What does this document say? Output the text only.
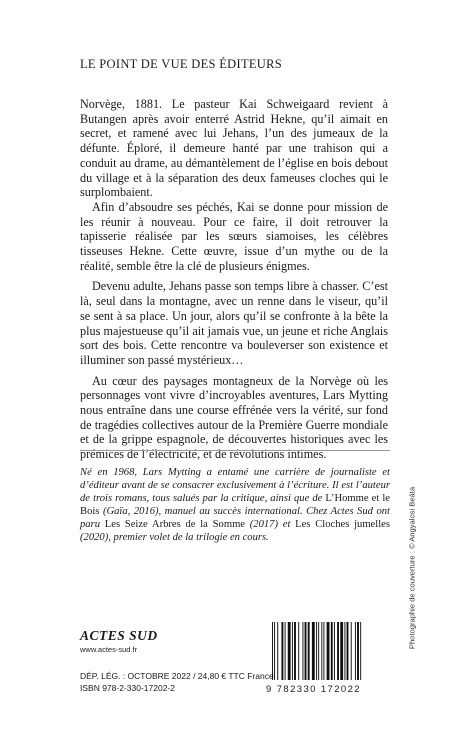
LE POINT DE VUE DES ÉDITEURS

Norvège, 1881. Le pasteur Kai Schweigaard revient à Butangen après avoir enterré Astrid Hekne, qu’il aimait en secret, et ramené avec lui Jehans, l’un des jumeaux de la défunte. Éploré, il demeure hanté par une trahison qui a conduit au drame, au démantèlement de l’église en bois debout du village et à la séparation des deux fameuses cloches qui le surplombaient.

Afin d’absoudre ses péchés, Kai se donne pour mission de les réunir à nouveau. Pour ce faire, il doit retrouver la tapisserie réalisée par les sœurs siamoises, les célèbres tisseuses Hekne. Cette œuvre, issue d’un mythe ou de la réalité, semble être la clé de plusieurs énigmes.

Devenu adulte, Jehans passe son temps libre à chasser. C’est là, seul dans la montagne, avec un renne dans le viseur, qu’il se sent à sa place. Un jour, alors qu’il se confronte à la bête la plus majestueuse qu’il ait jamais vue, un jeune et riche Anglais sort des bois. Cette rencontre va bouleverser son existence et illuminer son passé mystérieux…

Au cœur des paysages montagneux de la Norvège où les personnages vont vivre d’incroyables aventures, Lars Mytting nous entraîne dans une course effrénée vers la vérité, sur fond de tragédies collectives autour de la Première Guerre mondiale et de la grippe espagnole, de découvertes historiques avec les prémices de l’électricité, et de révolutions intimes.

Né en 1968, Lars Mytting a entamé une carrière de journaliste et d’éditeur avant de se consacrer exclusivement à l’écriture. Il est l’auteur de trois romans, tous salués par la critique, ainsi que de L’Homme et le Bois (Gaïa, 2016), manuel au succès international. Chez Actes Sud ont paru Les Seize Arbres de la Somme (2017) et Les Cloches jumelles (2020), premier volet de la trilogie en cours.	Photographie de couverture : © Angyalosi Beáta
ACTES SUD
www.actes-sud.fr
DÉP. LÉG. : OCTOBRE 2022 / 24,80 € TTC France
ISBN 978-2-330-17202-2	9 782330 172022
